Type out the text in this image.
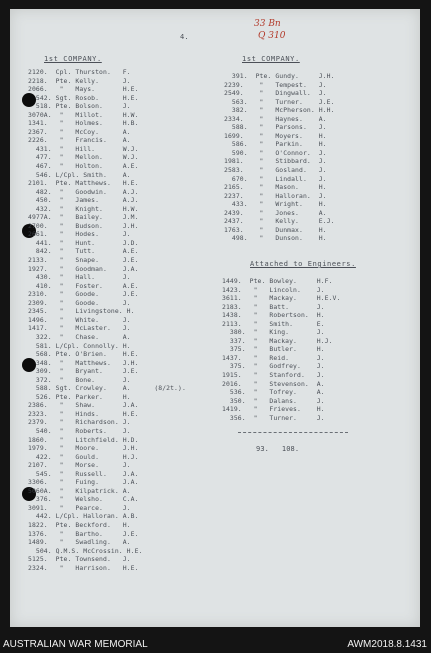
33 Bn
Q 310
4.
1st COMPANY.	1st COMPANY.
2120.  Cpl. Thurston.   F.
2218.  Pte. Kelly.      J.
2066.   "   Mays.       H.E.
542. Sgt. Rosob.      H.E.
518. Pte. Bolson.     J.
3070A.  "   Millot.     H.W.
1341.   "   Holmes.     H.B.
2367.   "   McCoy.      A.
2226.   "   Francis.    A.
431.  "   Hill.       W.J.
477.  "   Mellon.     W.J.
467.  "   Holton.     A.E.
546. L/Cpl. Smith.    A.
2101.  Pte. Matthews.   H.E.
482.  "   Goodwin.    A.J.
450.  "   James.      A.J.
432.  "   Knight.     H.W.
4977A.  "   Bailey.     J.M.
2700.   "   Budson.     J.H.
2661.   "   Hodes.      J.
441.  "   Hunt.       J.D.
842.  "   Tutt.       A.E.
2133.   "   Snape.      J.E.
1927.   "   Goodman.    J.A.
430.  "   Hall.       J.
410.  "   Foster.     A.E.
2310.   "   Goode.      J.E.
2309.   "   Goode.      J.
2345.   "   Livingstone. H.
1496.   "   White.      J.
1417.   "   McLaster.   J.
322.  "   Chase.      A.
581. L/Cpl. Connolly. H.
568. Pte. O'Brien.    H.E.
348.  "   Matthews.   J.H.
309.  "   Bryant.     J.E.
372.  "   Bone.       J.
588. Sgt. Crowley.    A.      (8/2t.).
526. Pte. Parker.     H.
2386.   "   Shaw.       J.A.
2323.   "   Hinds.      H.E.
2379.   "   Richardson. J.
540.  "   Roberts.    J.
1860.   "   Litchfield. H.D.
1979.   "   Moore.      J.H.
422.  "   Gould.      H.J.
2107.   "   Morse.      J.
545.  "   Russell.    J.A.
3306.   "   Fuing.      J.A.
5060A.  "   Kilpatrick. A.
376.  "   Welsho.     C.A.
3091.   "   Pearce.     J.
442. L/Cpl. Halloran. A.B.
1822.  Pte. Beckford.   H.
1376.   "   Bartho.     J.E.
1489.   "   Swadling.   A.
504. Q.M.S. McCrossin. H.E.
5125.  Pte. Townsend.   J.
2324.   "   Harrison.   H.E.
391.  Pte. Gundy.     J.H.
2239.    "   Tempest.   J.
2549.    "   Dingwall.  J.
563.   "   Turner.    J.E.
382.   "   McPherson. H.H.
2334.    "   Haynes.    A.
588.   "   Parsons.   J.
1699.    "   Moyers.    H.
586.   "   Parkin.    H.
590.   "   O'Connor.  J.
1981.    "   Stibbard.  J.
2583.    "   Gosland.   J.
670.   "   Lindall.   J.
2165.    "   Mason.     H.
2237.    "   Halloran.  J.
433.   "   Wright.    H.
2439.    "   Jones.     A.
2437.    "   Kelly.     E.J.
1763.    "   Dunmax.    H.
498.   "   Dunson.    H.
Attached to Engineers.
1449.  Pte. Bowley.     H.F.
1423.   "   Lincoln.    J.
3611.   "   Mackay.     H.E.V.
2183.   "   Batt.       J.
1438.   "   Robertson.  H.
2113.   "   Smith.      E.
380.  "   King.       J.
337.  "   Mackay.     H.J.
375.  "   Butler.     H.
1437.   "   Reid.       J.
375.  "   Godfrey.    J.
1915.   "   Stanford.   J.
2016.   "   Stevenson.  A.
536.  "   Tofrey.     A.
350.  "   Dalans.     J.
1419.   "   Frieves.    H.
356.  "   Turner.     J.
93.   108.
AUSTRALIAN WAR MEMORIAL	AWM2018.8.1431
